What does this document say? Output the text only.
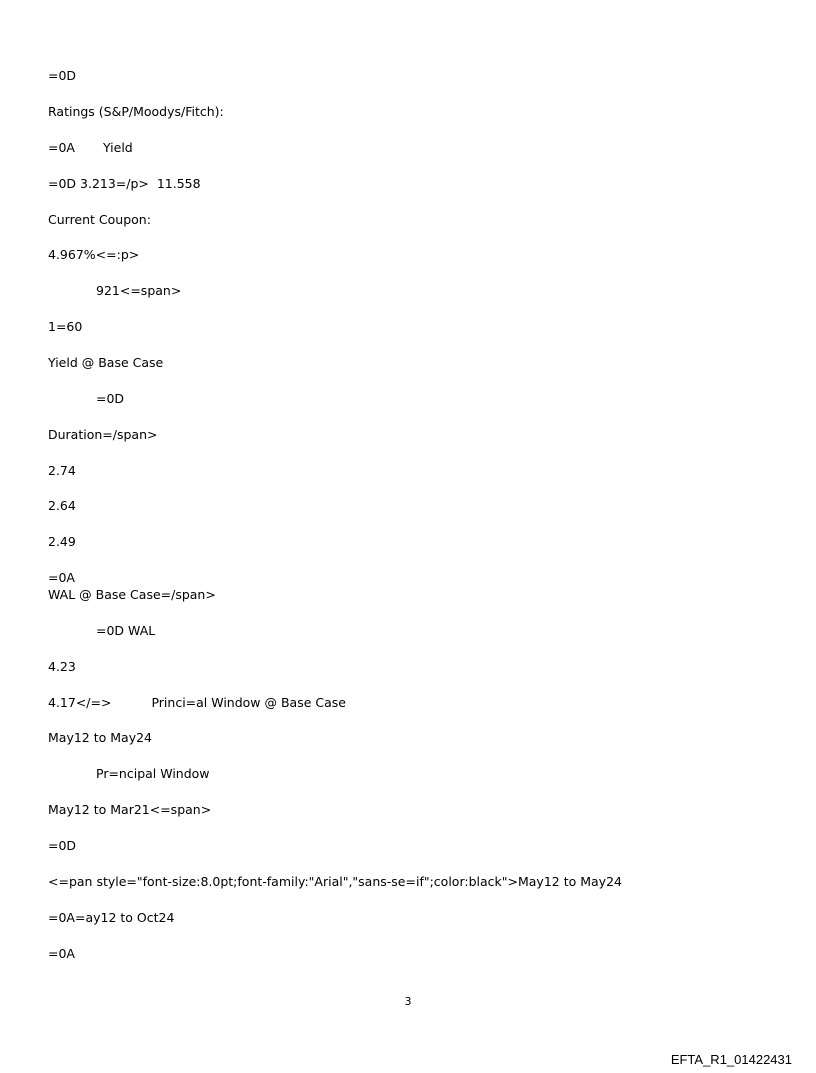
=0D

Ratings (S&P/Moodys/Fitch):

=0A Yield

=0D 3.213=/p>  11.558

Current Coupon:

4.967%<=:p>

921<=span>

1=60

Yield @ Base Case

=0D

Duration=/span>

2.74

2.64

2.49

=0A

WAL @ Base Case=/span>

=0D WAL

4.23

4.17</=>	Princi=al Window @ Base Case

May12 to May24

Pr=ncipal Window

May12 to Mar21<=span>

=0D

<=pan style="font-size:8.0pt;font-family:"Arial","sans-se=if";color:black">May12 to May24

=0A=ay12 to Oct24

=0A

3

EFTA_R1_01422431
